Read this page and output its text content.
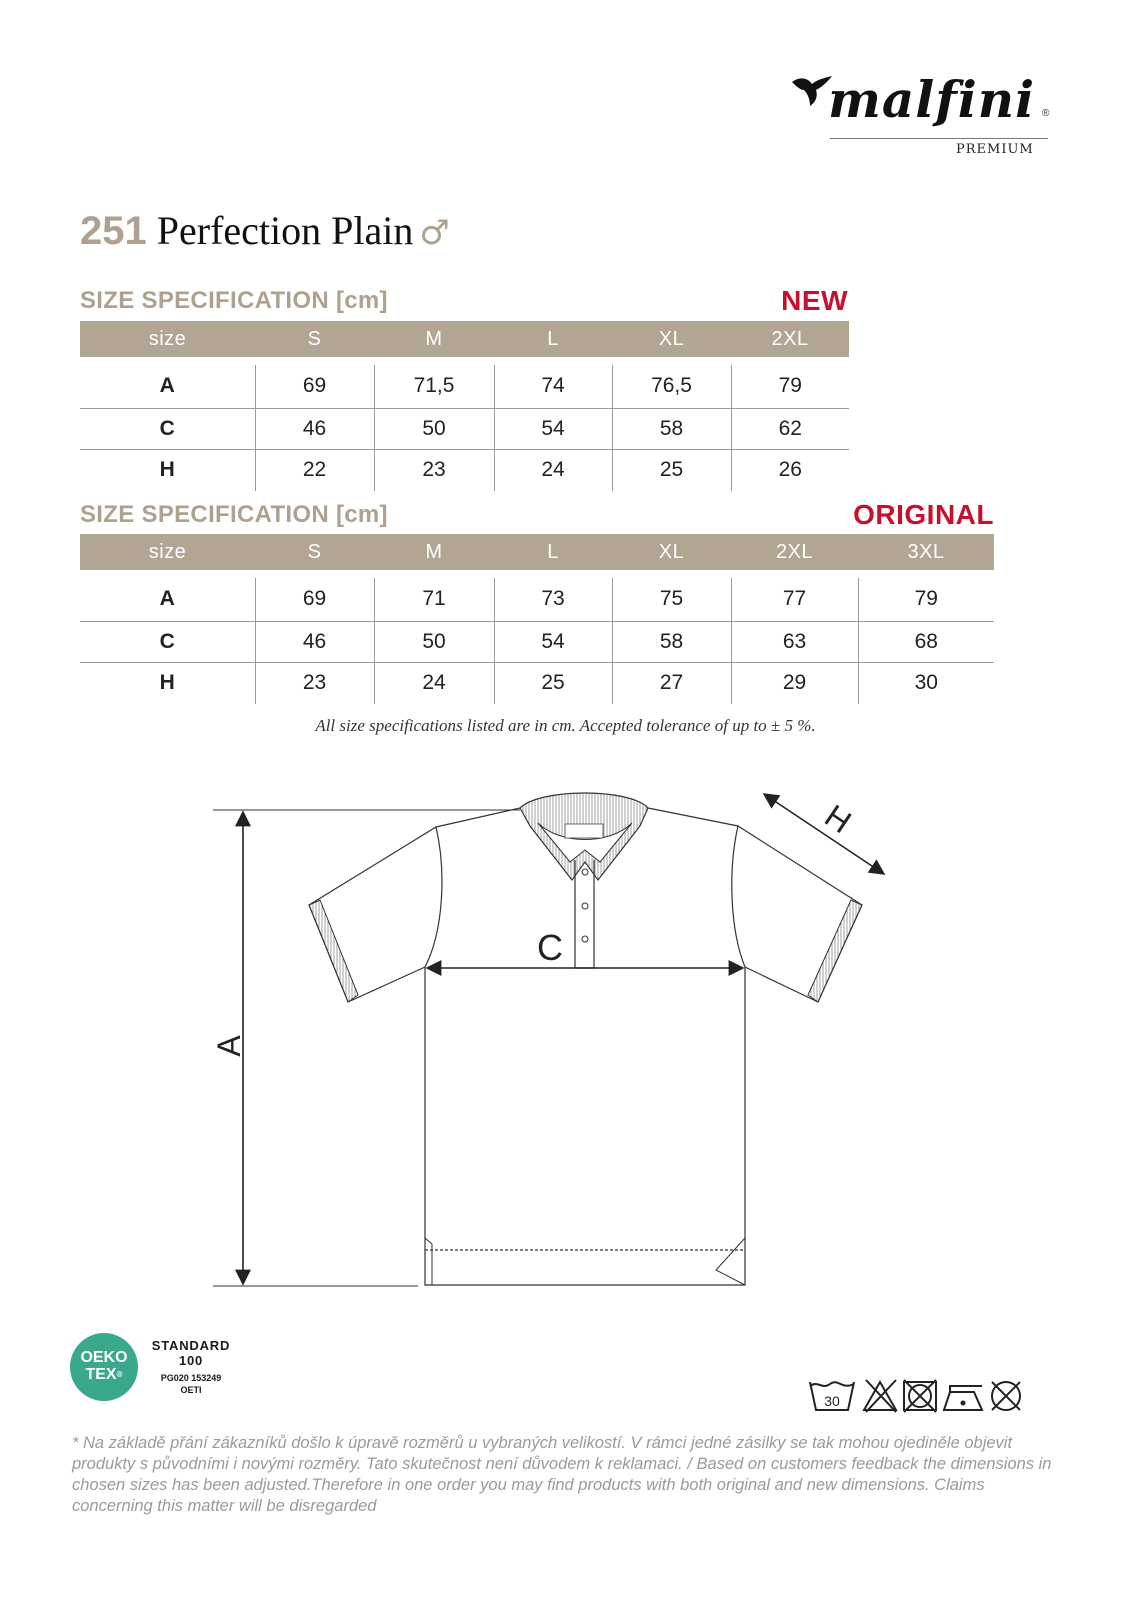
malfini ®
PREMIUM
251 Perfection Plain ♂
SIZE SPECIFICATION [cm]	NEW
size	S	M	L	XL	2XL

A	69	71,5	74	76,5	79
C	46	50	54	58	62
H	22	23	24	25	26
SIZE SPECIFICATION [cm]	ORIGINAL
size	S	M	L	XL	2XL	3XL

A	69	71	73	75	77	79
C	46	50	54	58	63	68
H	23	24	25	27	29	30
All size specifications listed are in cm. Accepted tolerance of up to ± 5 %.
A
C
H
OEKO
TEX®
STANDARD
100
PG020 153249
OETI
30
* Na základě přání zákazníků došlo k úpravě rozměrů u vybraných velikostí. V rámci jedné zásilky se tak mohou ojediněle objevit produkty s původními i novými rozměry. Tato skutečnost není důvodem k reklamaci. / Based on customers feedback the dimensions in chosen sizes has been adjusted.Therefore in one order you may find products with both original and new dimensions. Claims concerning this matter will be disregarded
